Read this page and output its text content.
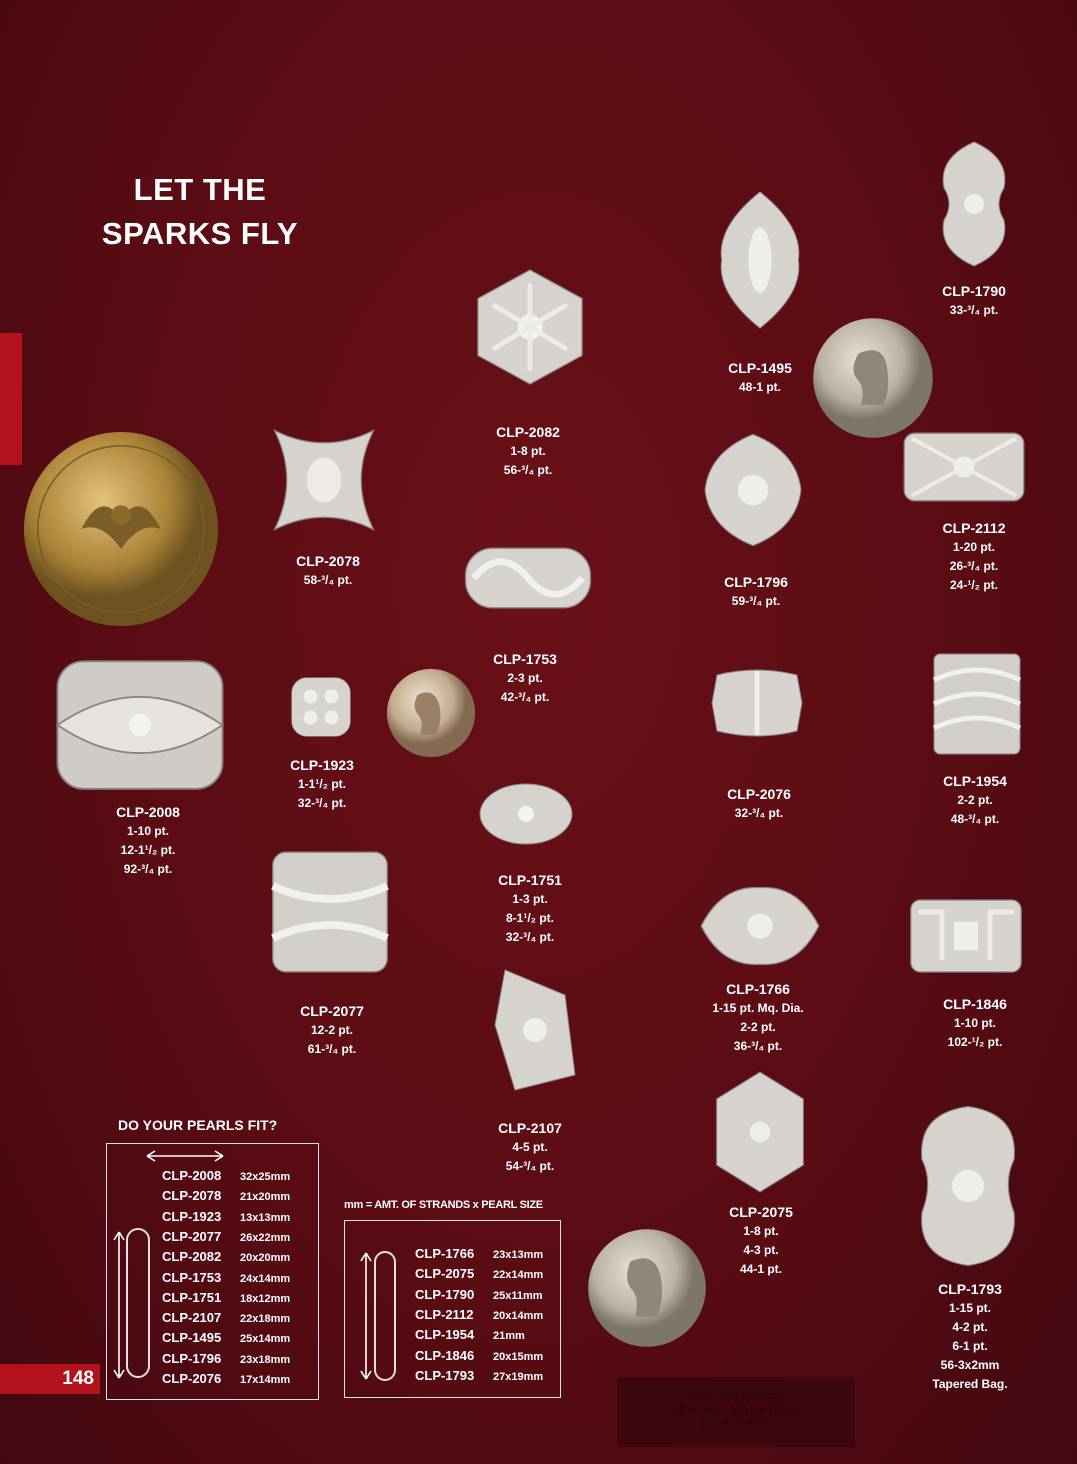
LET THE
SPARKS FLY
148
CLP-2008
1-10 pt.
12-1¹/₂ pt.
92-³/₄ pt.
CLP-2078
58-³/₄ pt.
CLP-1923
1-1¹/₂ pt.
32-³/₄ pt.
CLP-2077
12-2 pt.
61-³/₄ pt.
CLP-2082
1-8 pt.
56-³/₄ pt.
CLP-1753
2-3 pt.
42-³/₄ pt.
CLP-1751
1-3 pt.
8-1¹/₂ pt.
32-³/₄ pt.
CLP-2107
4-5 pt.
54-³/₄ pt.
CLP-1495
48-1 pt.
CLP-1796
59-³/₄ pt.
CLP-2076
32-³/₄ pt.
CLP-1766
1-15 pt. Mq. Dia.
2-2 pt.
36-³/₄ pt.
CLP-2075
1-8 pt.
4-3 pt.
44-1 pt.
CLP-1790
33-³/₄ pt.
CLP-2112
1-20 pt.
26-³/₄ pt.
24-¹/₂ pt.
CLP-1954
2-2 pt.
48-³/₄ pt.
CLP-1846
1-10 pt.
102-¹/₂ pt.
CLP-1793
1-15 pt.
4-2 pt.
6-1 pt.
56-3x2mm
Tapered Bag.
DO YOUR PEARLS FIT?
CLP-2008 32x25mm
CLP-2078 21x20mm
CLP-1923 13x13mm
CLP-2077 26x22mm
CLP-2082 20x20mm
CLP-1753 24x14mm
CLP-1751 18x12mm
CLP-2107 22x18mm
CLP-1495 25x14mm
CLP-1796 23x18mm
CLP-2076 17x14mm
mm = AMT. OF STRANDS x PEARL SIZE
CLP-1766 23x13mm
CLP-2075 22x14mm
CLP-1790 25x11mm
CLP-2112 20x14mm
CLP-1954 21mm
CLP-1846 20x15mm
CLP-1793 27x19mm
Gem Tone Findings
75 Bowery, NY, NY 10013
800-622-3705
